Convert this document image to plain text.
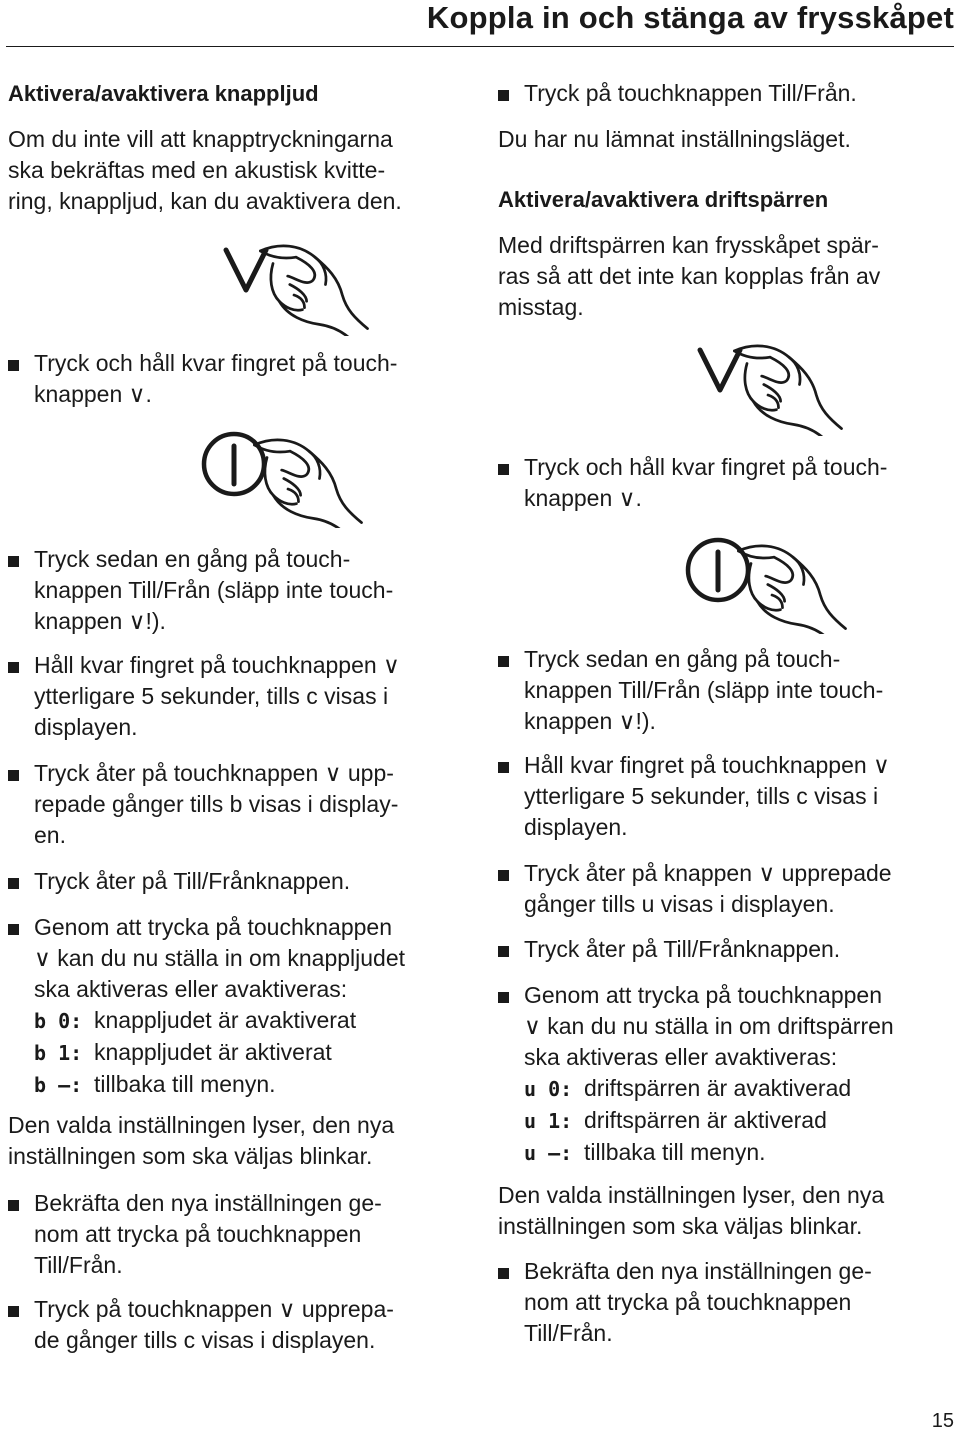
Koppla in och stänga av frysskåpet
Aktivera/avaktivera knappljud
Om du inte vill att knapptryckningarna
ska bekräftas med en akustisk kvitte-
ring, knappljud, kan du avaktivera den.
Tryck och håll kvar fingret på touch-
knappen ∨.
Tryck sedan en gång på touch-
knappen Till/Från (släpp inte touch-
knappen ∨!).
Håll kvar fingret på touchknappen ∨
ytterligare 5 sekunder, tills c visas i
displayen.
Tryck åter på touchknappen ∨ upp-
repade gånger tills b visas i display-
en.
Tryck åter på Till/Frånknappen.
Genom att trycka på touchknappen
∨ kan du nu ställa in om knappljudet
ska aktiveras eller avaktiveras:
b 0: knappljudet är avaktiverat
b 1: knappljudet är aktiverat
b –: tillbaka till menyn.
Den valda inställningen lyser, den nya
inställningen som ska väljas blinkar.
Bekräfta den nya inställningen ge-
nom att trycka på touchknappen
Till/Från.
Tryck på touchknappen ∨ upprepa-
de gånger tills c visas i displayen.
Tryck på touchknappen Till/Från.
Du har nu lämnat inställningsläget.
Aktivera/avaktivera driftspärren
Med driftspärren kan frysskåpet spär-
ras så att det inte kan kopplas från av
misstag.
Tryck och håll kvar fingret på touch-
knappen ∨.
Tryck sedan en gång på touch-
knappen Till/Från (släpp inte touch-
knappen ∨!).
Håll kvar fingret på touchknappen ∨
ytterligare 5 sekunder, tills c visas i
displayen.
Tryck åter på knappen ∨ upprepade
gånger tills u visas i displayen.
Tryck åter på Till/Frånknappen.
Genom att trycka på touchknappen
∨ kan du nu ställa in om driftspärren
ska aktiveras eller avaktiveras:
u 0: driftspärren är avaktiverad
u 1: driftspärren är aktiverad
u –: tillbaka till menyn.
Den valda inställningen lyser, den nya
inställningen som ska väljas blinkar.
Bekräfta den nya inställningen ge-
nom att trycka på touchknappen
Till/Från.
15
